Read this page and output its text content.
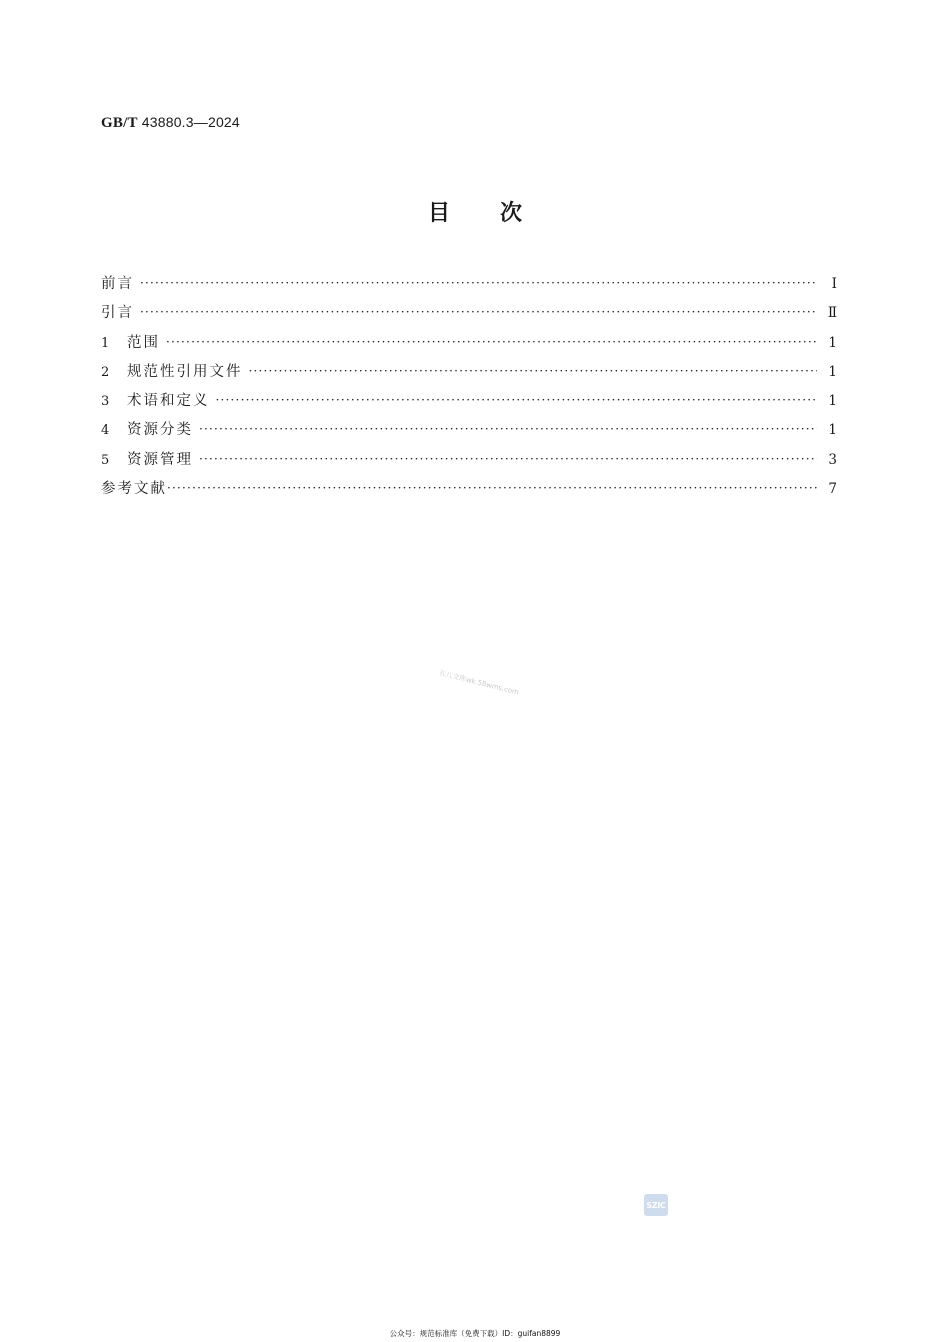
GB/T 43880.3—2024
目次
前言 ·····	Ⅰ
引言 ·····	Ⅱ
1	范围 ·····	1
2	规范性引用文件 ·····	1
3	术语和定义 ·····	1
4	资源分类 ·····	1
5	资源管理 ·····	3
参考文献 ·····	7
五八文库wk.58wms.com
SZIC
公众号：规范标准库（免费下载）ID：guifan8899
